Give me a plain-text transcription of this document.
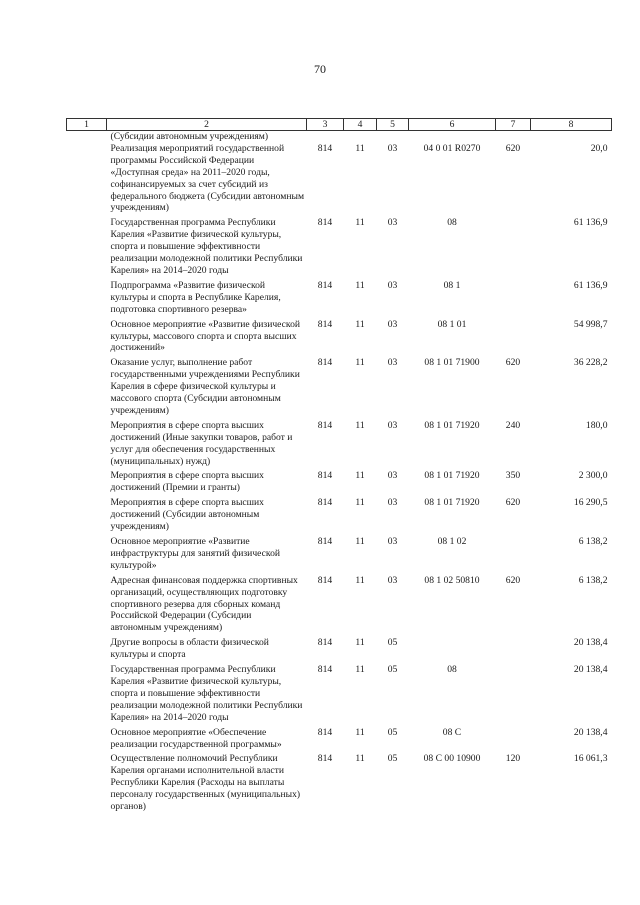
70
1	2	3	4	5	6	7	8
	(Субсидии автономным учреждениям)						
	Реализация мероприятий государственной программы Российской Федерации «Доступная среда» на 2011–2020 годы, софинансируемых за счет субсидий из федерального бюджета (Субсидии автономным учреждениям)	814	11	03	04 0 01 R0270	620	20,0
	Государственная программа Республики Карелия «Развитие физической культуры, спорта и повышение эффективности реализации молодежной политики Республики Карелия» на 2014–2020 годы	814	11	03	08		61 136,9
	Подпрограмма «Развитие физической культуры и спорта в Республике Карелия, подготовка спортивного резерва»	814	11	03	08 1		61 136,9
	Основное мероприятие «Развитие физической культуры, массового спорта и спорта высших достижений»	814	11	03	08 1 01		54 998,7
	Оказание услуг, выполнение работ государственными учреждениями Республики Карелия в сфере физической культуры и массового спорта (Субсидии автономным учреждениям)	814	11	03	08 1 01 71900	620	36 228,2
	Мероприятия в сфере спорта высших достижений (Иные закупки товаров, работ и услуг для обеспечения государственных (муниципальных) нужд)	814	11	03	08 1 01 71920	240	180,0
	Мероприятия в сфере спорта высших достижений (Премии и гранты)	814	11	03	08 1 01 71920	350	2 300,0
	Мероприятия в сфере спорта высших достижений (Субсидии автономным учреждениям)	814	11	03	08 1 01 71920	620	16 290,5
	Основное мероприятие «Развитие инфраструктуры для занятий физической культурой»	814	11	03	08 1 02		6 138,2
	Адресная финансовая поддержка спортивных организаций, осуществляющих подготовку спортивного резерва для сборных команд Российской Федерации (Субсидии автономным учреждениям)	814	11	03	08 1 02 50810	620	6 138,2
	Другие вопросы в области физической культуры и спорта	814	11	05			20 138,4
	Государственная программа Республики Карелия «Развитие физической культуры, спорта и повышение эффективности реализации молодежной политики Республики Карелия» на 2014–2020 годы	814	11	05	08		20 138,4
	Основное мероприятие «Обеспечение реализации государственной программы»	814	11	05	08 C		20 138,4
	Осуществление полномочий Республики Карелия органами исполнительной власти Республики Карелия (Расходы на выплаты персоналу государственных (муниципальных) органов)	814	11	05	08 C 00 10900	120	16 061,3
